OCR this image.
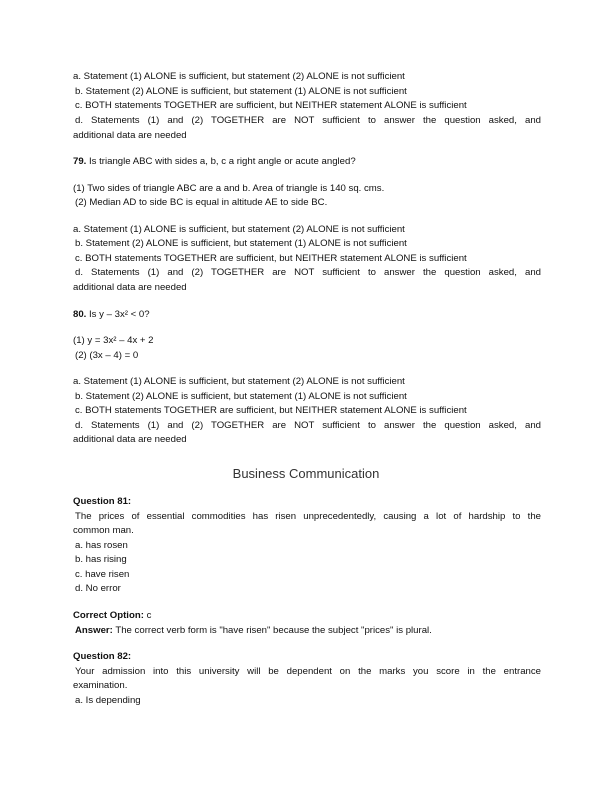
a. Statement (1) ALONE is sufficient, but statement (2) ALONE is not sufficient
b. Statement (2) ALONE is sufficient, but statement (1) ALONE is not sufficient
c. BOTH statements TOGETHER are sufficient, but NEITHER statement ALONE is sufficient
d. Statements (1) and (2) TOGETHER are NOT sufficient to answer the question asked, and
additional data are needed
79. Is triangle ABC with sides a, b, c a right angle or acute angled?
(1) Two sides of triangle ABC are a and b. Area of triangle is 140 sq. cms.
(2) Median AD to side BC is equal in altitude AE to side BC.
a. Statement (1) ALONE is sufficient, but statement (2) ALONE is not sufficient
b. Statement (2) ALONE is sufficient, but statement (1) ALONE is not sufficient
c. BOTH statements TOGETHER are sufficient, but NEITHER statement ALONE is sufficient
d. Statements (1) and (2) TOGETHER are NOT sufficient to answer the question asked, and
additional data are needed
80. Is y – 3x² < 0?
(1) y = 3x² – 4x + 2
(2) (3x – 4) = 0
a. Statement (1) ALONE is sufficient, but statement (2) ALONE is not sufficient
b. Statement (2) ALONE is sufficient, but statement (1) ALONE is not sufficient
c. BOTH statements TOGETHER are sufficient, but NEITHER statement ALONE is sufficient
d. Statements (1) and (2) TOGETHER are NOT sufficient to answer the question asked, and
additional data are needed
Business Communication
Question 81:
The prices of essential commodities has risen unprecedentedly, causing a lot of hardship to the
common man.
a. has rosen
b. has rising
c. have risen
d. No error
Correct Option: c
Answer: The correct verb form is "have risen" because the subject "prices" is plural.
Question 82:
Your admission into this university will be dependent on the marks you score in the entrance
examination.
a. Is depending
